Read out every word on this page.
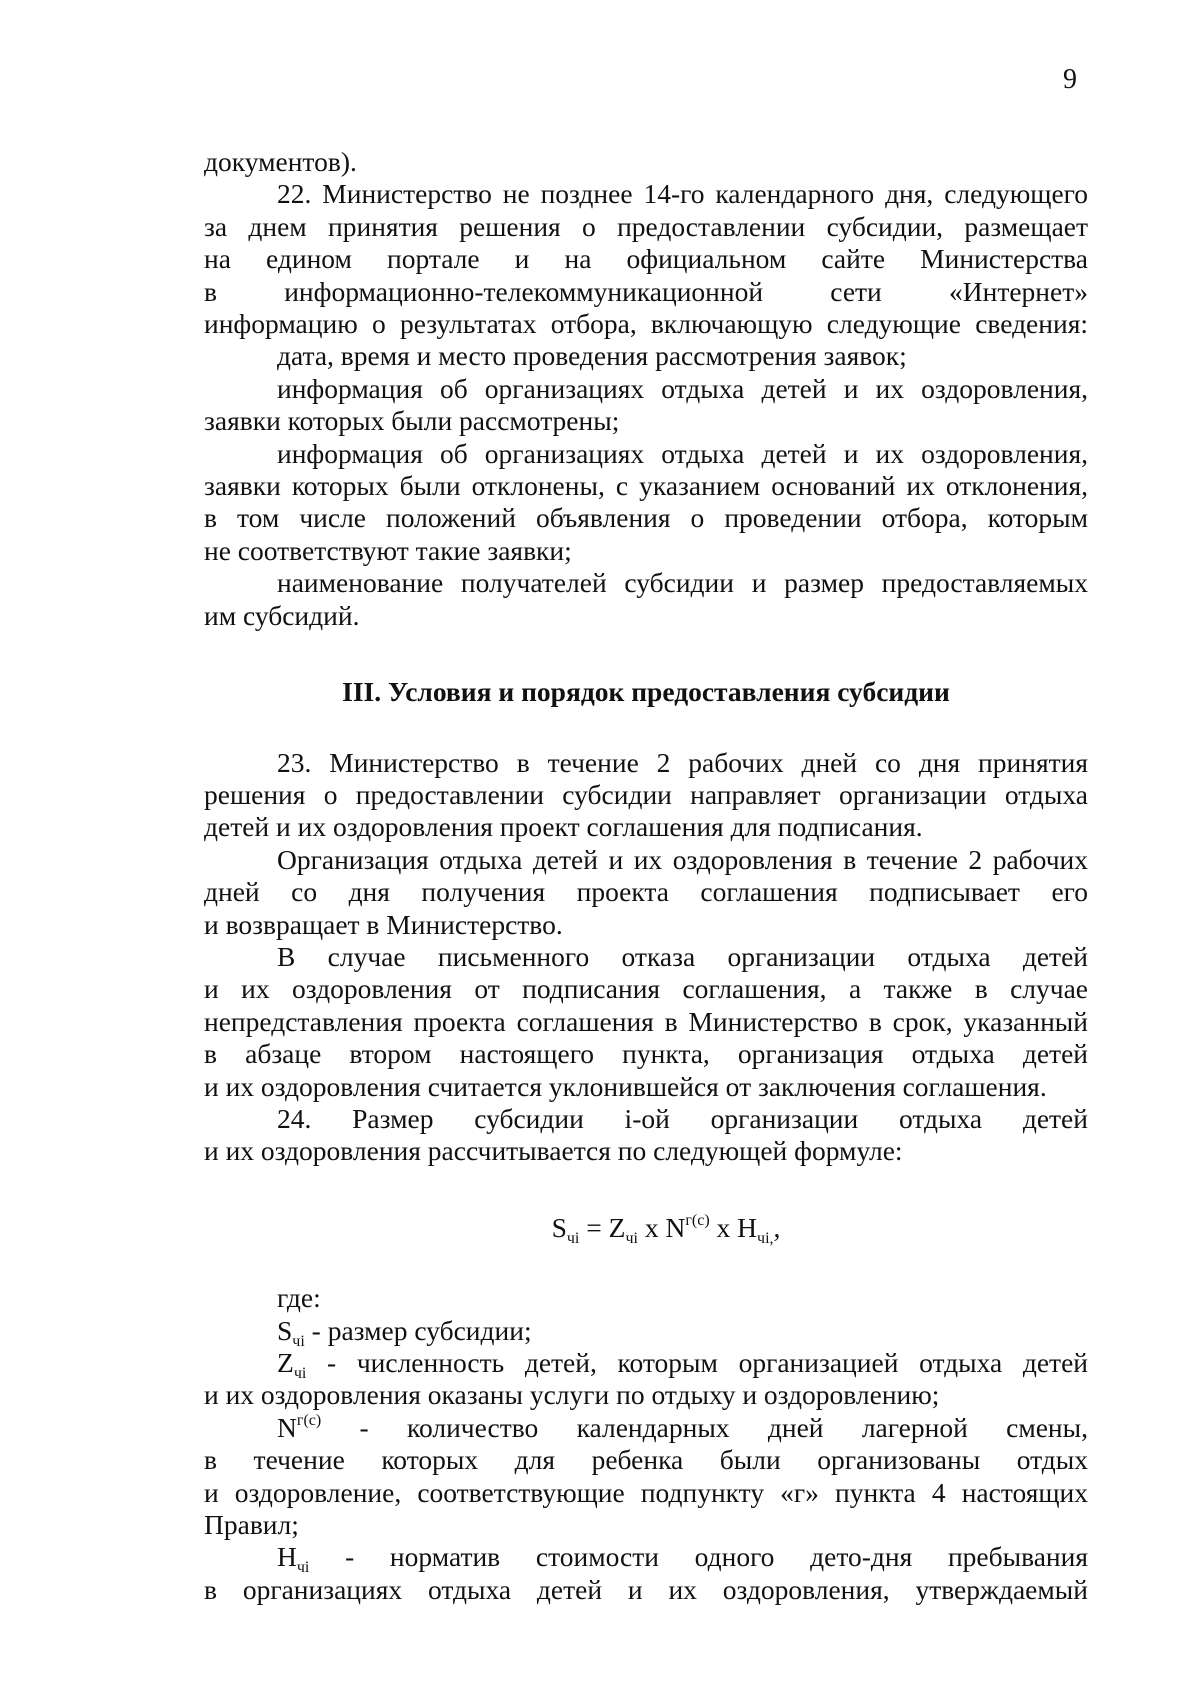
9
документов).
22. Министерство не позднее 14-го календарного дня, следующего
за днем принятия решения о предоставлении субсидии, размещает
на едином портале и на официальном сайте Министерства
в информационно-телекоммуникационной сети «Интернет»
информацию о результатах отбора, включающую следующие сведения:
дата, время и место проведения рассмотрения заявок;
информация об организациях отдыха детей и их оздоровления,
заявки которых были рассмотрены;
информация об организациях отдыха детей и их оздоровления,
заявки которых были отклонены, с указанием оснований их отклонения,
в том числе положений объявления о проведении отбора, которым
не соответствуют такие заявки;
наименование получателей субсидии и размер предоставляемых
им субсидий.
III. Условия и порядок предоставления субсидии
23. Министерство в течение 2 рабочих дней со дня принятия
решения о предоставлении субсидии направляет организации отдыха
детей и их оздоровления проект соглашения для подписания.
Организация отдыха детей и их оздоровления в течение 2 рабочих
дней со дня получения проекта соглашения подписывает его
и возвращает в Министерство.
В случае письменного отказа организации отдыха детей
и их оздоровления от подписания соглашения, а также в случае
непредставления проекта соглашения в Министерство в срок, указанный
в абзаце втором настоящего пункта, организация отдыха детей
и их оздоровления считается уклонившейся от заключения соглашения.
24. Размер субсидии i-ой организации отдыха детей
и их оздоровления рассчитывается по следующей формуле:
$S_{чi} = Z_{чi}$ x $N^{г(с)}$ x $H_{чi,}$,
где:
$S_{чi}$ - размер субсидии;
$Z_{чi}$ - численность детей, которым организацией отдыха детей
и их оздоровления оказаны услуги по отдыху и оздоровлению;
$N^{г(с)}$ - количество календарных дней лагерной смены,
в течение которых для ребенка были организованы отдых
и оздоровление, соответствующие подпункту «г» пункта 4 настоящих
Правил;
$H_{чi}$ - норматив стоимости одного дето-дня пребывания
в организациях отдыха детей и их оздоровления, утверждаемый
